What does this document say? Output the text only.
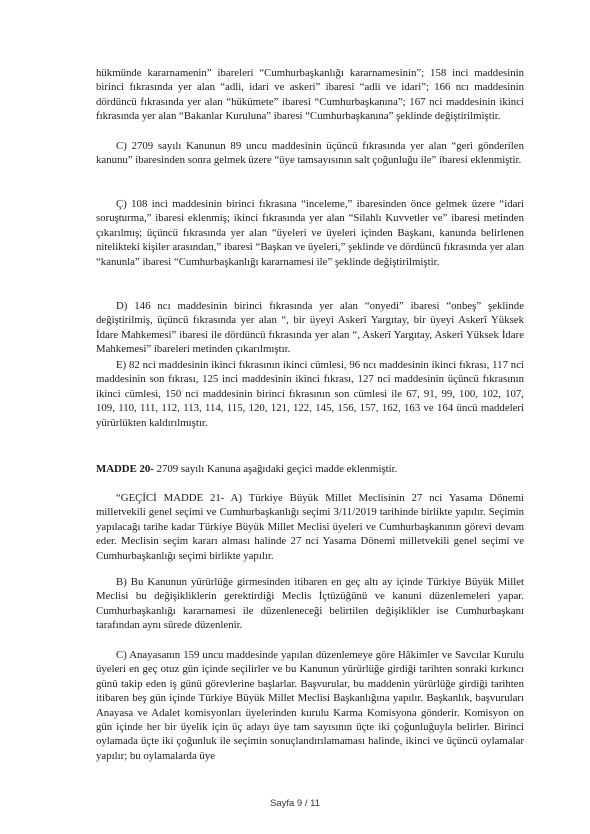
hükmünde kararnamenin” ibareleri “Cumhurbaşkanlığı kararnamesinin”; 158 inci maddesinin birinci fıkrasında yer alan “adli, idari ve askeri” ibaresi “adli ve idari”; 166 ncı maddesinin dördüncü fıkrasında yer alan “hükümete” ibaresi “Cumhurbaşkanına”; 167 nci maddesinin ikinci fıkrasında yer alan “Bakanlar Kuruluna” ibaresi “Cumhurbaşkanına” şeklinde değiştirilmiştir.

C) 2709 sayılı Kanunun 89 uncu maddesinin üçüncü fıkrasında yer alan “geri gönderilen kanunu” ibaresinden sonra gelmek üzere “üye tamsayısının salt çoğunluğu ile” ibaresi eklenmiştir.

Ç) 108 inci maddesinin birinci fıkrasına “inceleme,” ibaresinden önce gelmek üzere “idari soruşturma,” ibaresi eklenmiş; ikinci fıkrasında yer alan “Silahlı Kuvvetler ve” ibaresi metinden çıkarılmış; üçüncü fıkrasında yer alan “üyeleri ve üyeleri içinden Başkanı, kanunda belirlenen nitelikteki kişiler arasından,” ibaresi “Başkan ve üyeleri,” şeklinde ve dördüncü fıkrasında yer alan “kanunla” ibaresi “Cumhurbaşkanlığı kararnamesi ile” şeklinde değiştirilmiştir.

D) 146 ncı maddesinin birinci fıkrasında yer alan “onyedi” ibaresi “onbeş” şeklinde değiştirilmiş, üçüncü fıkrasında yer alan “, bir üyeyi Askerî Yargıtay, bir üyeyi Askerî Yüksek İdare Mahkemesi” ibaresi ile dördüncü fıkrasında yer alan “, Askerî Yargıtay, Askerî Yüksek İdare Mahkemesi” ibareleri metinden çıkarılmıştır.

E) 82 nci maddesinin ikinci fıkrasının ikinci cümlesi, 96 ncı maddesinin ikinci fıkrası, 117 nci maddesinin son fıkrası, 125 inci maddesinin ikinci fıkrası, 127 nci maddesinin üçüncü fıkrasının ikinci cümlesi, 150 nci maddesinin birinci fıkrasının son cümlesi ile 67, 91, 99, 100, 102, 107, 109, 110, 111, 112, 113, 114, 115, 120, 121, 122, 145, 156, 157, 162, 163 ve 164 üncü maddeleri yürürlükten kaldırılmıştır.

MADDE 20- 2709 sayılı Kanuna aşağıdaki geçici madde eklenmiştir.

“GEÇİCİ MADDE 21- A) Türkiye Büyük Millet Meclisinin 27 nci Yasama Dönemi milletvekili genel seçimi ve Cumhurbaşkanlığı seçimi 3/11/2019 tarihinde birlikte yapılır. Seçimin yapılacağı tarihe kadar Türkiye Büyük Millet Meclisi üyeleri ve Cumhurbaşkanının görevi devam eder. Meclisin seçim kararı alması halinde 27 nci Yasama Dönemi milletvekili genel seçimi ve Cumhurbaşkanlığı seçimi birlikte yapılır.

B) Bu Kanunun yürürlüğe girmesinden itibaren en geç altı ay içinde Türkiye Büyük Millet Meclisi bu değişikliklerin gerektirdiği Meclis İçtüzüğünü ve kanuni düzenlemeleri yapar. Cumhurbaşkanlığı kararnamesi ile düzenleneceği belirtilen değişiklikler ise Cumhurbaşkanı tarafından aynı sürede düzenlenir.

C) Anayasanın 159 uncu maddesinde yapılan düzenlemeye göre Hâkimler ve Savcılar Kurulu üyeleri en geç otuz gün içinde seçilirler ve bu Kanunun yürürlüğe girdiği tarihten sonraki kırkıncı günü takip eden iş günü görevlerine başlarlar. Başvurular, bu maddenin yürürlüğe girdiği tarihten itibaren beş gün içinde Türkiye Büyük Millet Meclisi Başkanlığına yapılır. Başkanlık, başvuruları Anayasa ve Adalet komisyonları üyelerinden kurulu Karma Komisyona gönderir. Komisyon on gün içinde her bir üyelik için üç adayı üye tam sayısının üçte iki çoğunluğuyla belirler. Birinci oylamada üçte iki çoğunluk ile seçimin sonuçlandırılamaması halinde, ikinci ve üçüncü oylamalar yapılır; bu oylamalarda üye

Sayfa 9 / 11
